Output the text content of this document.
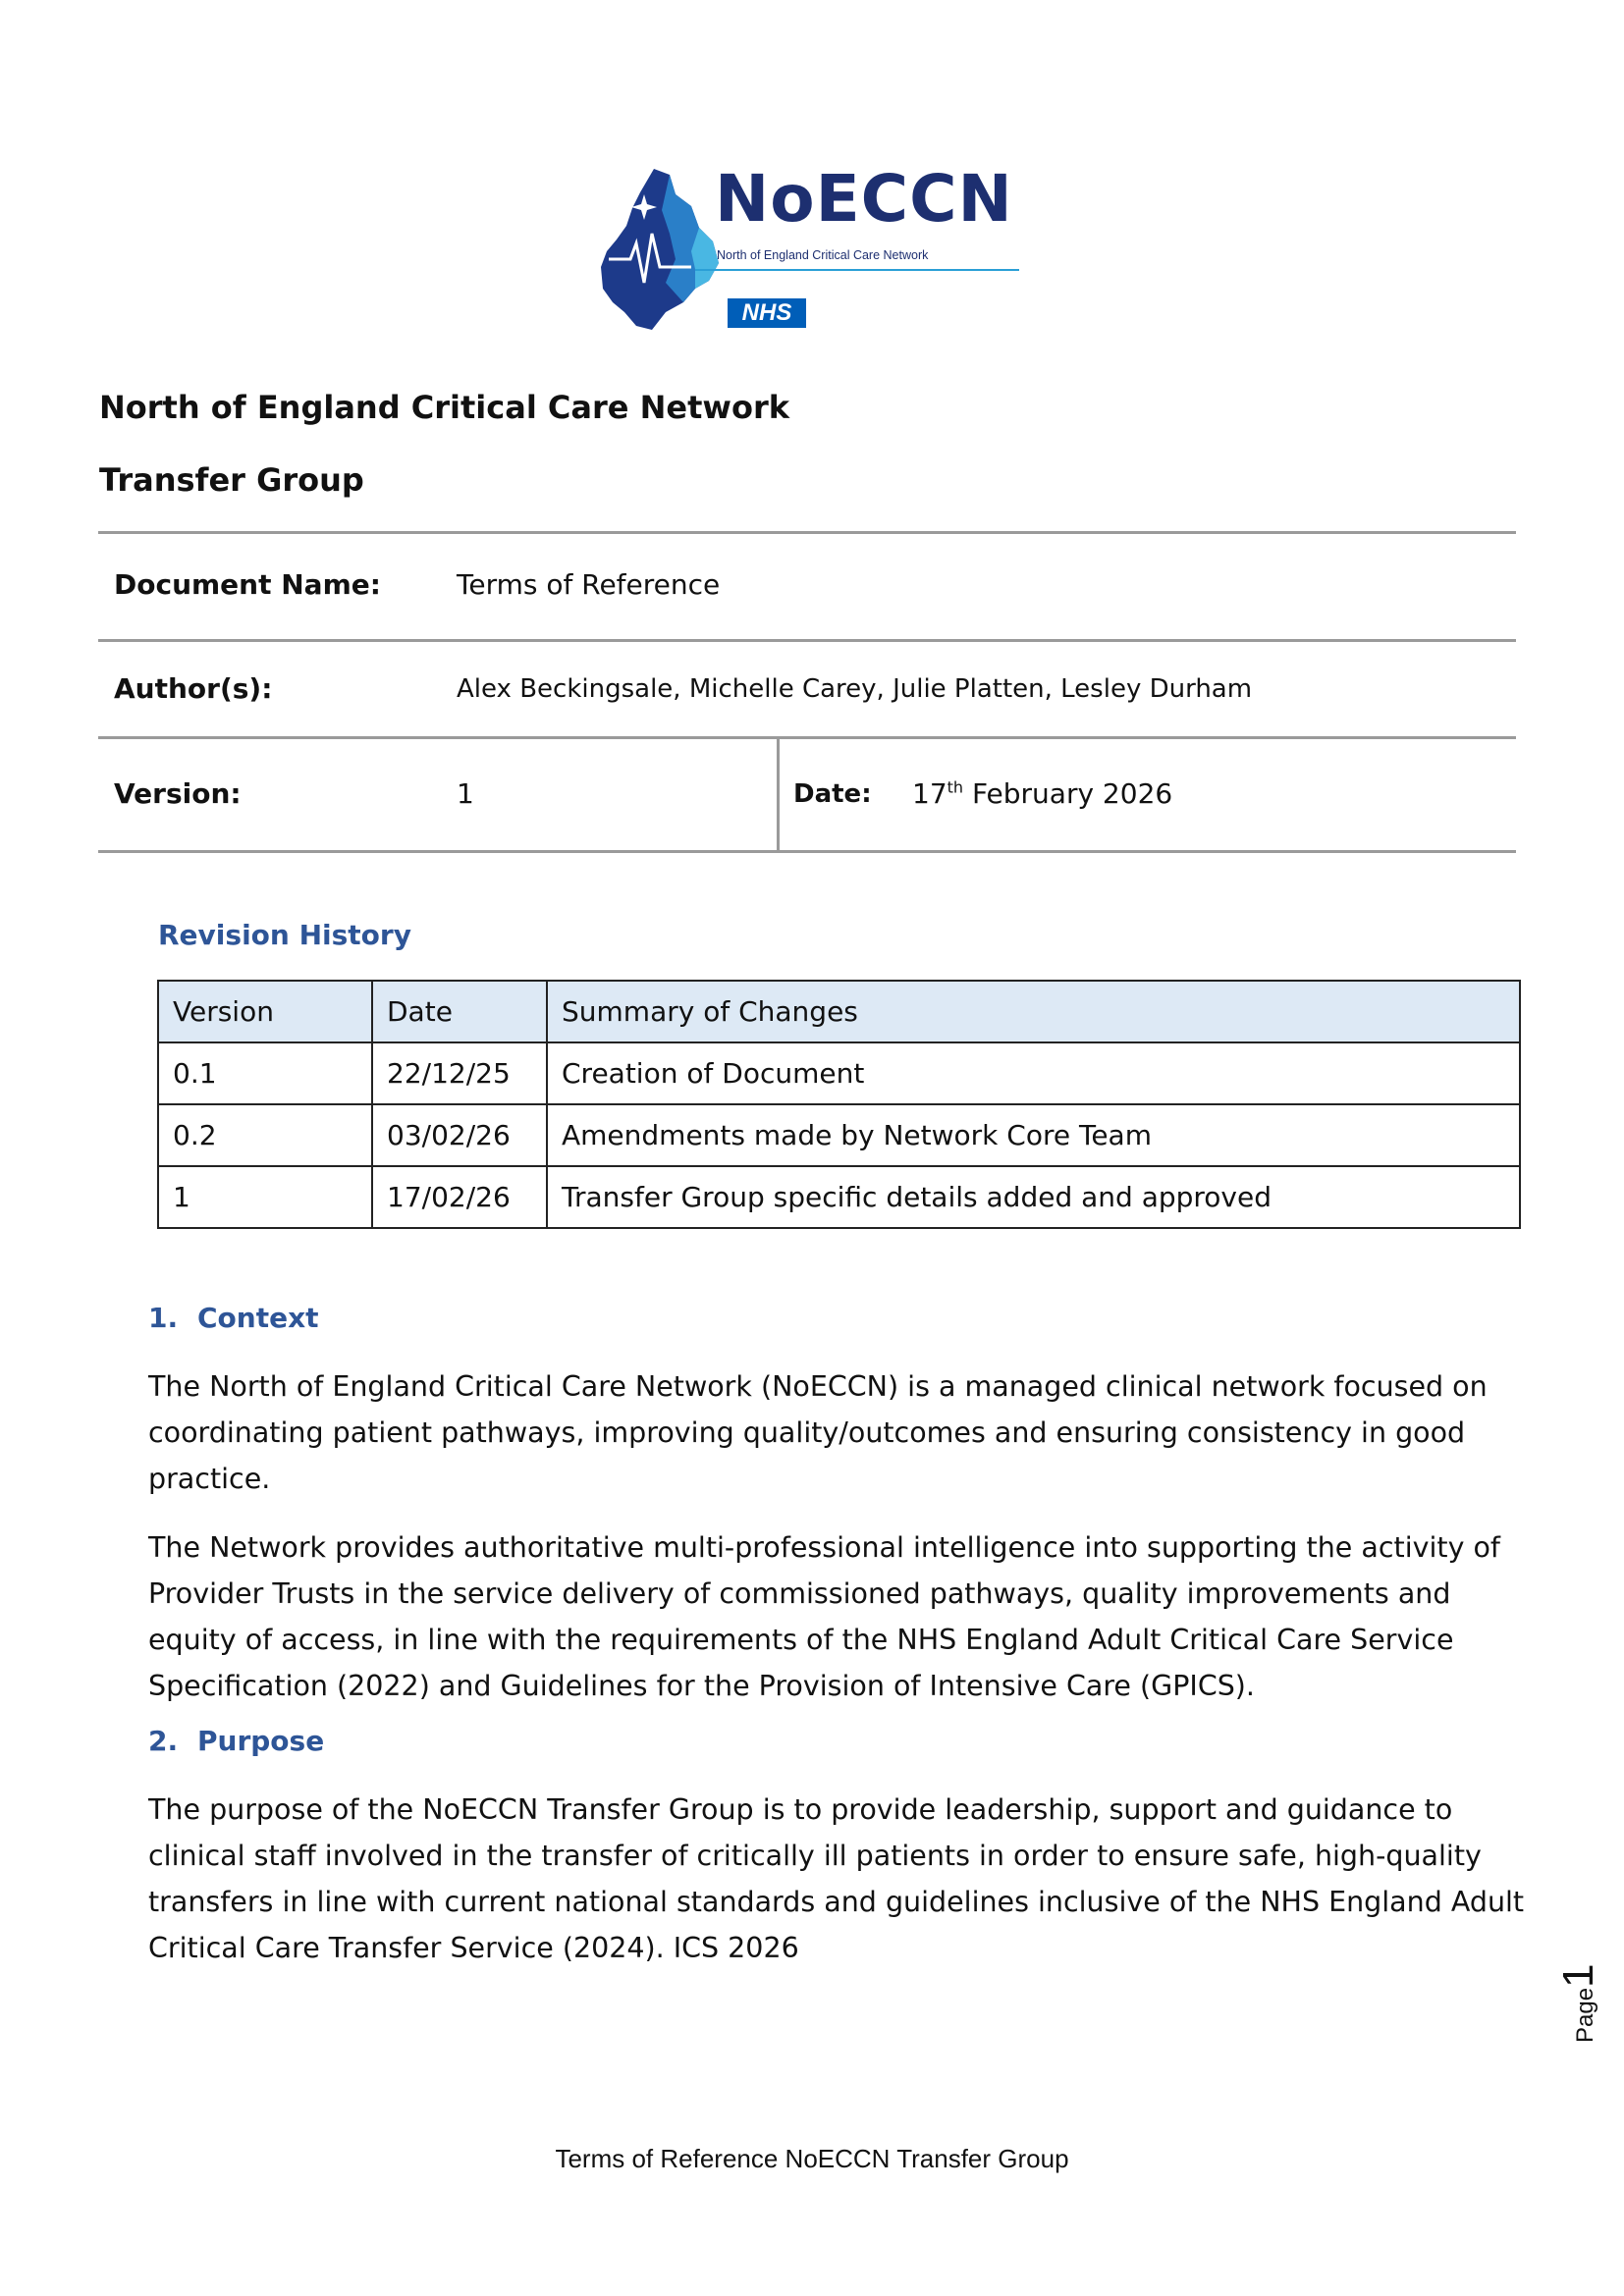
NoECCN
North of England Critical Care Network
NHS
North of England Critical Care Network
Transfer Group
Document Name:	Terms of Reference
Author(s):	Alex Beckingsale, Michelle Carey, Julie Platten, Lesley Durham
Version:	1	Date: 17th February 2026
Revision History
Version	Date	Summary of Changes
0.1	22/12/25	Creation of Document
0.2	03/02/26	Amendments made by Network Core Team
1	17/02/26	Transfer Group specific details added and approved
1. Context

The North of England Critical Care Network (NoECCN) is a managed clinical network focused on coordinating patient pathways, improving quality/outcomes and ensuring consistency in good practice.

The Network provides authoritative multi-professional intelligence into supporting the activity of Provider Trusts in the service delivery of commissioned pathways, quality improvements and equity of access, in line with the requirements of the NHS England Adult Critical Care Service Specification (2022) and Guidelines for the Provision of Intensive Care (GPICS).

2. Purpose

The purpose of the NoECCN Transfer Group is to provide leadership, support and guidance to clinical staff involved in the transfer of critically ill patients in order to ensure safe, high-quality transfers in line with current national standards and guidelines inclusive of the NHS England Adult Critical Care Transfer Service (2024). ICS 2026

Page1
Terms of Reference NoECCN Transfer Group
